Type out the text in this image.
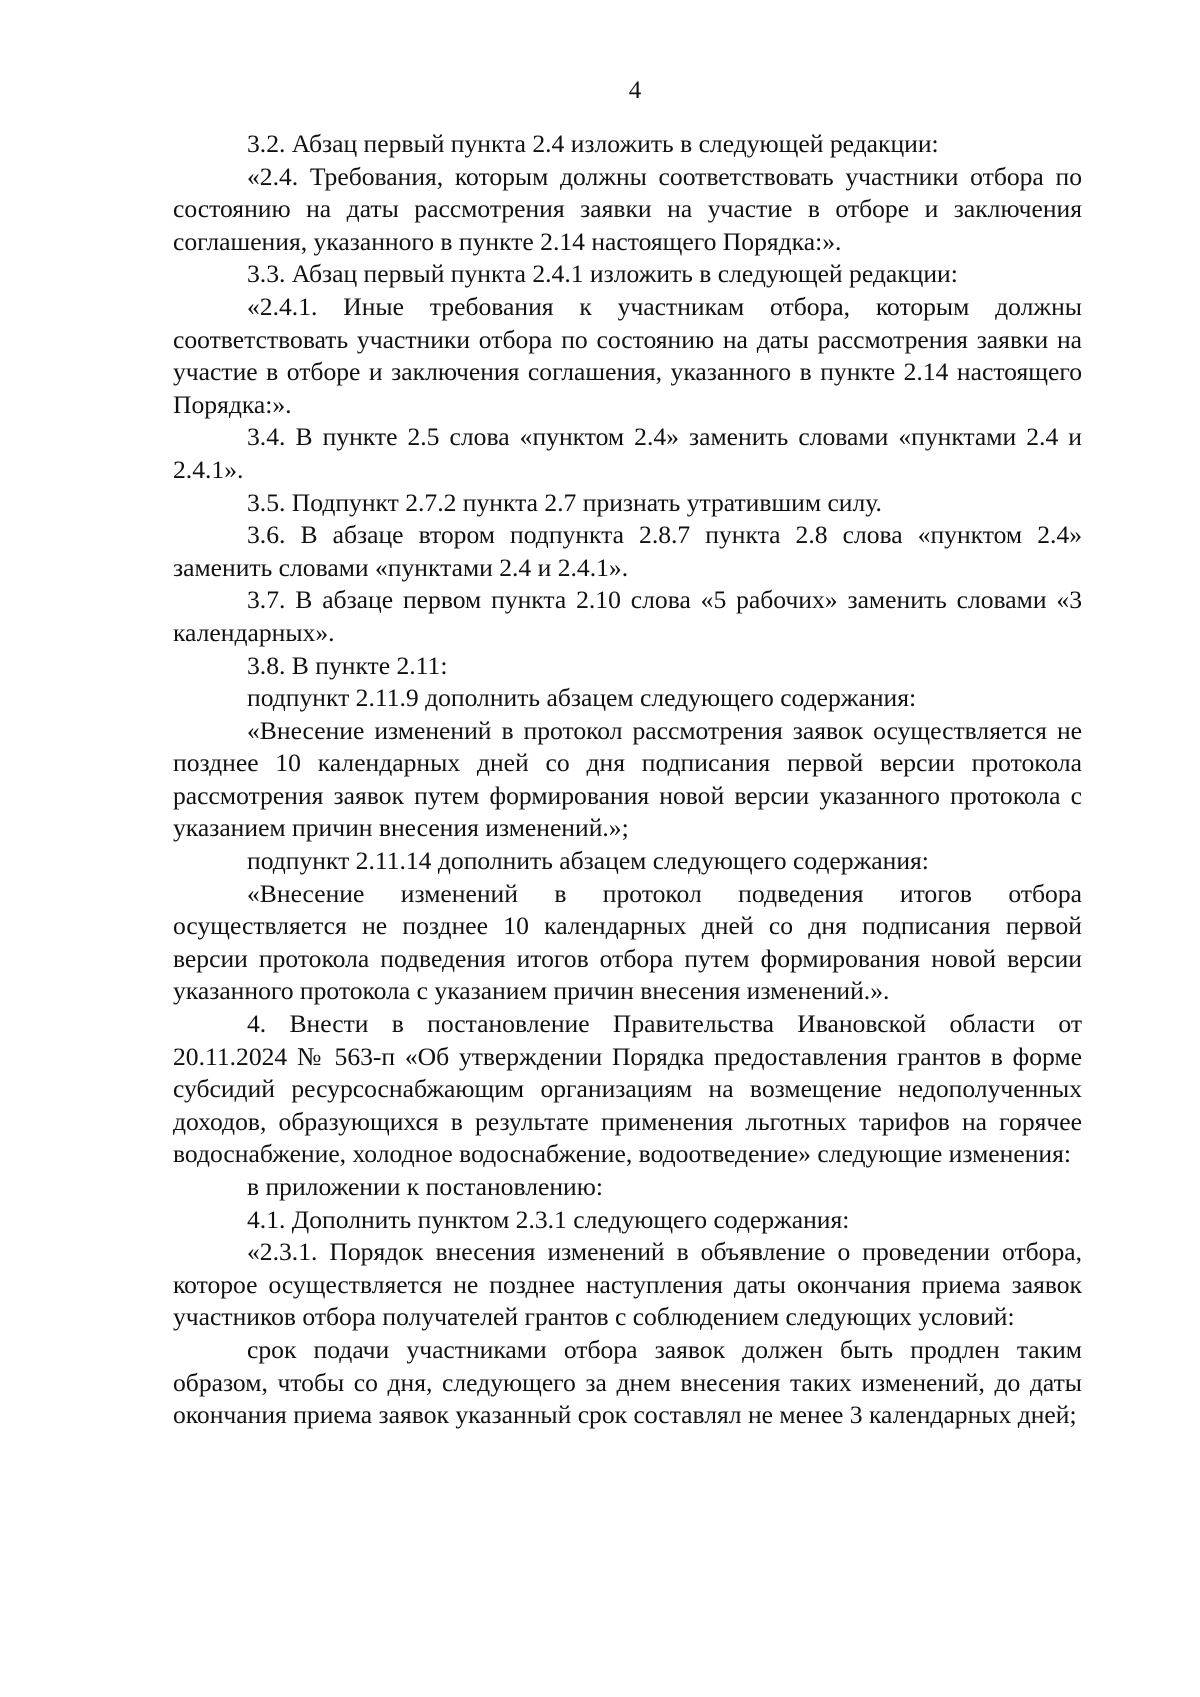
4

3.2. Абзац первый пункта 2.4 изложить в следующей редакции:

«2.4. Требования, которым должны соответствовать участники отбора по состоянию на даты рассмотрения заявки на участие в отборе и заключения соглашения, указанного в пункте 2.14 настоящего Порядка:».

3.3. Абзац первый пункта 2.4.1 изложить в следующей редакции:

«2.4.1. Иные требования к участникам отбора, которым должны соответствовать участники отбора по состоянию на даты рассмотрения заявки на участие в отборе и заключения соглашения, указанного в пункте 2.14 настоящего Порядка:».

3.4. В пункте 2.5 слова «пунктом 2.4» заменить словами «пунктами 2.4 и 2.4.1».

3.5. Подпункт 2.7.2 пункта 2.7 признать утратившим силу.

3.6. В абзаце втором подпункта 2.8.7 пункта 2.8 слова «пунктом 2.4» заменить словами «пунктами 2.4 и 2.4.1».

3.7. В абзаце первом пункта 2.10 слова «5 рабочих» заменить словами «3 календарных».

3.8. В пункте 2.11:

подпункт 2.11.9 дополнить абзацем следующего содержания:

«Внесение изменений в протокол рассмотрения заявок осуществляется не позднее 10 календарных дней со дня подписания первой версии протокола рассмотрения заявок путем формирования новой версии указанного протокола с указанием причин внесения изменений.»;

подпункт 2.11.14 дополнить абзацем следующего содержания:

«Внесение изменений в протокол подведения итогов отбора осуществляется не позднее 10 календарных дней со дня подписания первой версии протокола подведения итогов отбора путем формирования новой версии указанного протокола с указанием причин внесения изменений.».

4. Внести в постановление Правительства Ивановской области от 20.11.2024 № 563-п «Об утверждении Порядка предоставления грантов в форме субсидий ресурсоснабжающим организациям на возмещение недополученных доходов, образующихся в результате применения льготных тарифов на горячее водоснабжение, холодное водоснабжение, водоотведение» следующие изменения:

в приложении к постановлению:

4.1. Дополнить пунктом 2.3.1 следующего содержания:

«2.3.1. Порядок внесения изменений в объявление о проведении отбора, которое осуществляется не позднее наступления даты окончания приема заявок участников отбора получателей грантов с соблюдением следующих условий:

срок подачи участниками отбора заявок должен быть продлен таким образом, чтобы со дня, следующего за днем внесения таких изменений, до даты окончания приема заявок указанный срок составлял не менее 3 календарных дней;
